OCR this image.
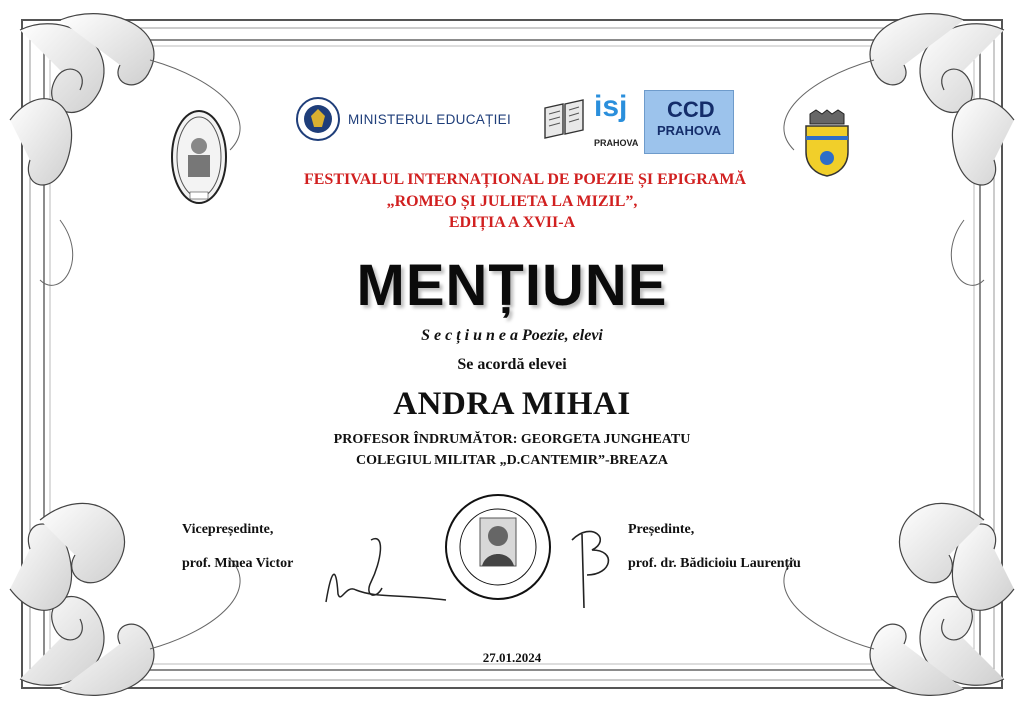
MINISTERUL EDUCAȚIEI	isj
PRAHOVA
CCD
PRAHOVA
FESTIVALUL INTERNAȚIONAL DE POEZIE ȘI EPIGRAMĂ
„ROMEO ȘI JULIETA LA MIZIL”,
EDIȚIA A XVII-A
MENȚIUNE
S e c ț i u n e a Poezie, elevi
Se acordă elevei
ANDRA MIHAI
PROFESOR ÎNDRUMĂTOR: GEORGETA JUNGHEATU
COLEGIUL MILITAR „D.CANTEMIR”-BREAZA
Vicepreședinte,
prof. Minea Victor
Președinte,
prof. dr. Bădicioiu Laurențiu
27.01.2024
